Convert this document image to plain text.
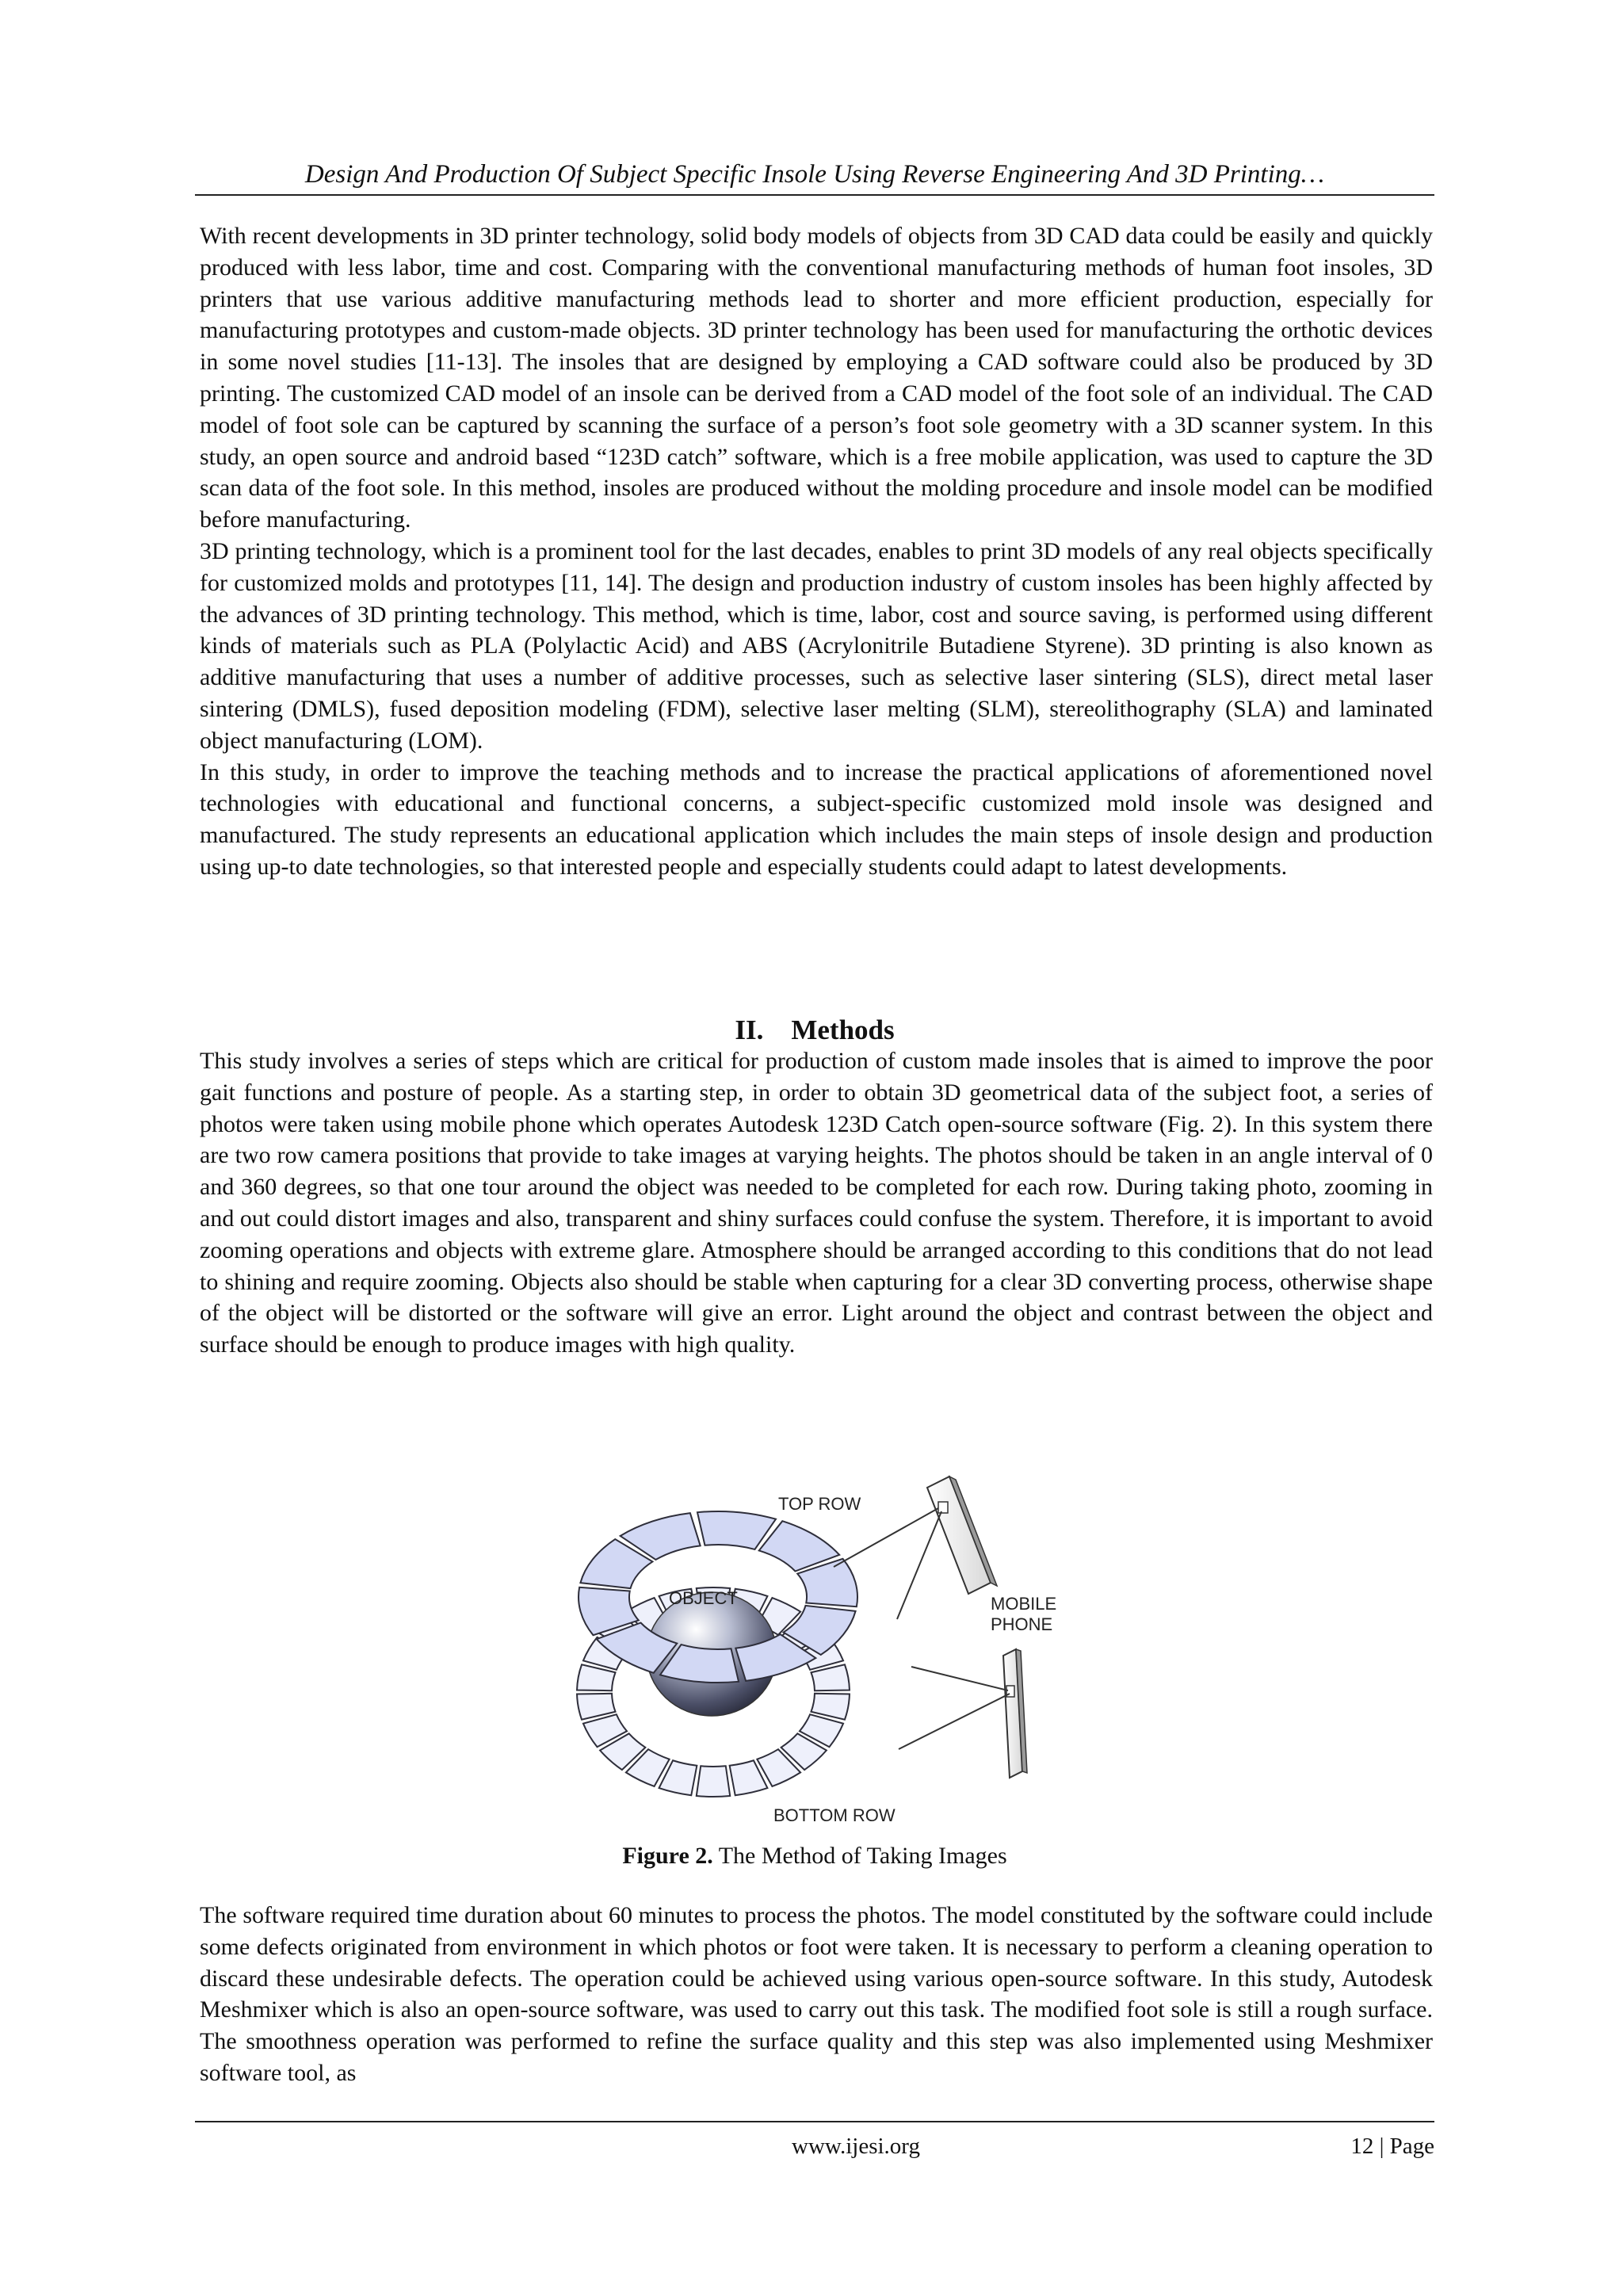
Design And Production Of Subject Specific Insole Using Reverse Engineering And 3D Printing…

With recent developments in 3D printer technology, solid body models of objects from 3D CAD data could be easily and quickly produced with less labor, time and cost. Comparing with the conventional manufacturing methods of human foot insoles, 3D printers that use various additive manufacturing methods lead to shorter and more efficient production, especially for manufacturing prototypes and custom-made objects. 3D printer technology has been used for manufacturing the orthotic devices in some novel studies [11-13]. The insoles that are designed by employing a CAD software could also be produced by 3D printing. The customized CAD model of an insole can be derived from a CAD model of the foot sole of an individual. The CAD model of foot sole can be captured by scanning the surface of a person’s foot sole geometry with a 3D scanner system. In this study, an open source and android based “123D catch” software, which is a free mobile application, was used to capture the 3D scan data of the foot sole. In this method, insoles are produced without the molding procedure and insole model can be modified before manufacturing.

3D printing technology, which is a prominent tool for the last decades, enables to print 3D models of any real objects specifically for customized molds and prototypes [11, 14]. The design and production industry of custom insoles has been highly affected by the advances of 3D printing technology. This method, which is time, labor, cost and source saving, is performed using different kinds of materials such as PLA (Polylactic Acid) and ABS (Acrylonitrile Butadiene Styrene). 3D printing is also known as additive manufacturing that uses a number of additive processes, such as selective laser sintering (SLS), direct metal laser sintering (DMLS), fused deposition modeling (FDM), selective laser melting (SLM), stereolithography (SLA) and laminated object manufacturing (LOM).

In this study, in order to improve the teaching methods and to increase the practical applications of aforementioned novel technologies with educational and functional concerns, a subject-specific customized mold insole was designed and manufactured. The study represents an educational application which includes the main steps of insole design and production using up-to date technologies, so that interested people and especially students could adapt to latest developments.

II. Methods

This study involves a series of steps which are critical for production of custom made insoles that is aimed to improve the poor gait functions and posture of people. As a starting step, in order to obtain 3D geometrical data of the subject foot, a series of photos were taken using mobile phone which operates Autodesk 123D Catch open-source software (Fig. 2). In this system there are two row camera positions that provide to take images at varying heights. The photos should be taken in an angle interval of 0 and 360 degrees, so that one tour around the object was needed to be completed for each row. During taking photo, zooming in and out could distort images and also, transparent and shiny surfaces could confuse the system. Therefore, it is important to avoid zooming operations and objects with extreme glare. Atmosphere should be arranged according to this conditions that do not lead to shining and require zooming. Objects also should be stable when capturing for a clear 3D converting process, otherwise shape of the object will be distorted or the software will give an error. Light around the object and contrast between the object and surface should be enough to produce images with high quality.

TOP ROW
OBJECT	MOBILE
PHONE
BOTTOM ROW
Figure 2. The Method of Taking Images

The software required time duration about 60 minutes to process the photos. The model constituted by the software could include some defects originated from environment in which photos or foot were taken. It is necessary to perform a cleaning operation to discard these undesirable defects. The operation could be achieved using various open-source software. In this study, Autodesk Meshmixer which is also an open-source software, was used to carry out this task. The modified foot sole is still a rough surface. The smoothness operation was performed to refine the surface quality and this step was also implemented using Meshmixer software tool, as

www.ijesi.org	12 | Page
